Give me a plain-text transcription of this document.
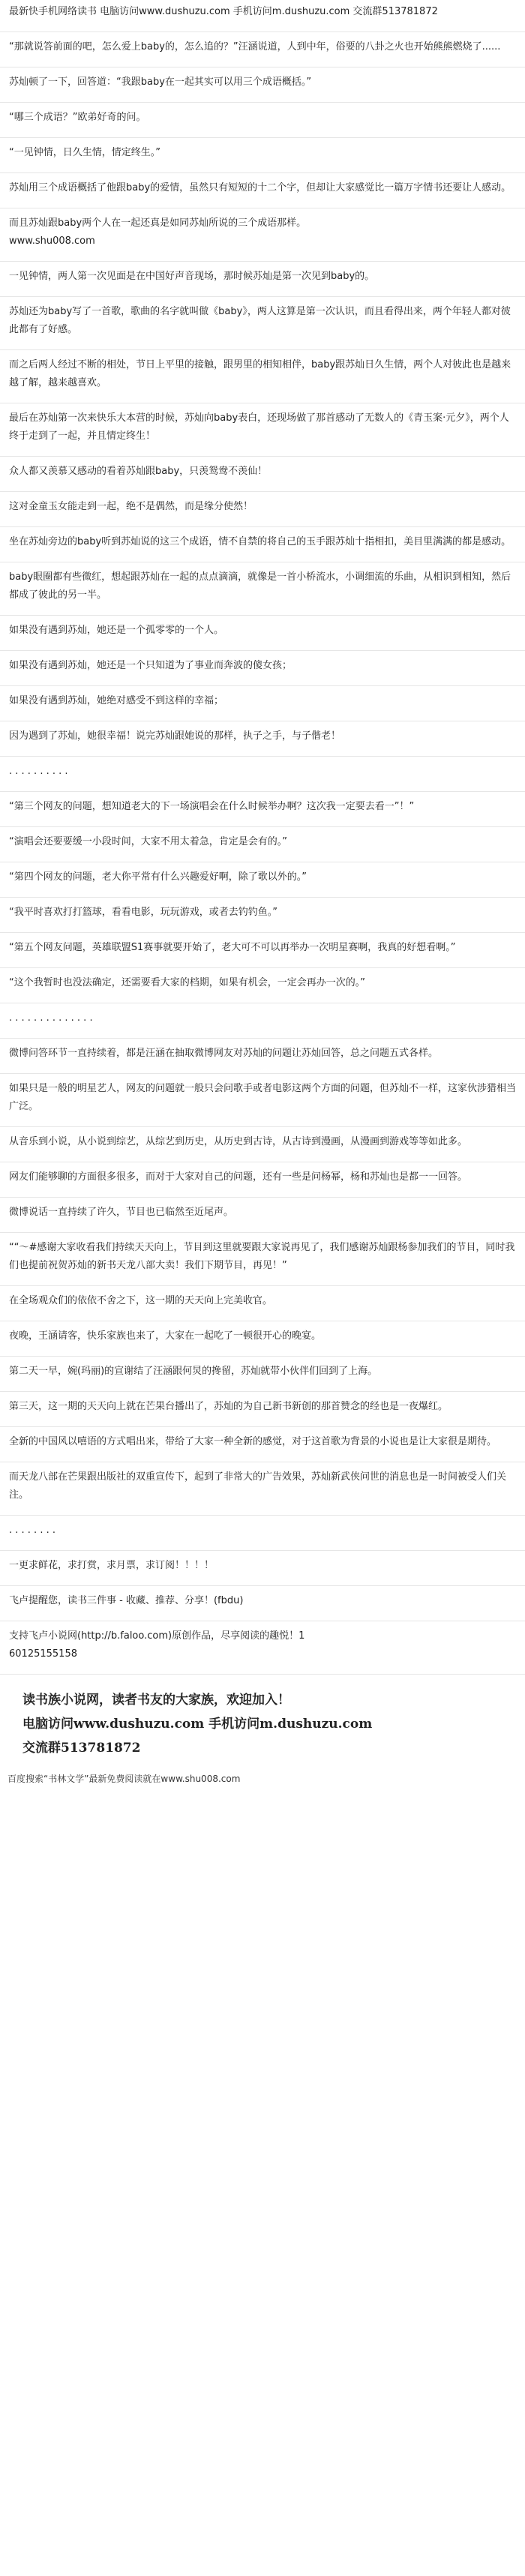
最新快手机网络读书 电脑访问www.dushuzu.com 手机访问m.dushuzu.com 交流群513781872
“那就说答前面的吧，怎么爱上baby的，怎么追的？”汪涵说道，人到中年，俗要的八卦之火也开始熊熊燃烧了......
苏灿顿了一下，回答道：“我跟baby在一起其实可以用三个成语概括。”
“哪三个成语？”欧弟好奇的问。
“一见钟情，日久生情，情定终生。”
苏灿用三个成语概括了他跟baby的爱情，虽然只有短短的十二个字，但却让大家感觉比一篇万字情书还要让人感动。
而且苏灿跟baby两个人在一起还真是如同苏灿所说的三个成语那样。
www.shu008.com
一见钟情，两人第一次见面是在中国好声音现场，那时候苏灿是第一次见到baby的。
苏灿还为baby写了一首歌，歌曲的名字就叫做《baby》，两人这算是第一次认识，而且看得出来，两个年轻人都对彼此都有了好感。
而之后两人经过不断的相处，节日上平里的接触，跟男里的相知相伴，baby跟苏灿日久生情，两个人对彼此也是越来越了解，越来越喜欢。
最后在苏灿第一次来快乐大本营的时候，苏灿向baby表白，还现场做了那首感动了无数人的《青玉案·元夕》，两个人终于走到了一起，并且情定终生！
众人都又羡慕又感动的看着苏灿跟baby，只羡鸳鸯不羡仙！
这对金童玉女能走到一起，绝不是偶然，而是缘分使然！
坐在苏灿旁边的baby听到苏灿说的这三个成语，情不自禁的将自己的玉手跟苏灿十指相扣，美目里满满的都是感动。
baby眼圈都有些微红，想起跟苏灿在一起的点点滴滴，就像是一首小桥流水，小调细流的乐曲，从相识到相知，然后都成了彼此的另一半。
如果没有遇到苏灿，她还是一个孤零零的一个人。
如果没有遇到苏灿，她还是一个只知道为了事业而奔波的傻女孩；
如果没有遇到苏灿，她绝对感受不到这样的幸福；
因为遇到了苏灿，她很幸福！说完苏灿跟她说的那样，执子之手，与子偕老！
. . . . . . . . . .
“第三个网友的问题，想知道老大的下一场演唱会在什么时候举办啊？这次我一定要去看一”！”
“演唱会还要要缓一小段时间，大家不用太着急，肯定是会有的。”
“第四个网友的问题，老大你平常有什么兴趣爱好啊，除了歌以外的。”
“我平时喜欢打打篮球，看看电影，玩玩游戏，或者去钓钓鱼。”
“第五个网友问题，英雄联盟S1赛事就要开始了，老大可不可以再举办一次明星赛啊，我真的好想看啊。”
“这个我暂时也没法确定，还需要看大家的档期，如果有机会，一定会再办一次的。”
. . . . . . . . . . . . . .
微博问答环节一直持续着，都是汪涵在抽取微博网友对苏灿的问题让苏灿回答，总之问题五式各样。
如果只是一般的明星艺人，网友的问题就一般只会问歌手或者电影这两个方面的问题，但苏灿不一样，这家伙涉猎相当广泛。
从音乐到小说，从小说到综艺，从综艺到历史，从历史到古诗，从古诗到漫画，从漫画到游戏等等如此多。
网友们能够聊的方面很多很多，而对于大家对自己的问题，还有一些是问杨幂，杨和苏灿也是都一一回答。
微博说话一直持续了许久，节目也已临然至近尾声。
““～#感谢大家收看我们持续天天向上，节目到这里就要跟大家说再见了，我们感谢苏灿跟杨参加我们的节目，同时我们也提前祝贺苏灿的新书天龙八部大卖！我们下期节目，再见！”
在全场观众们的依依不舍之下，这一期的天天向上完美收官。
夜晚，王涵请客，快乐家族也来了，大家在一起吃了一顿很开心的晚宴。
第二天一早，婉(玛丽)的宣谢结了汪涵跟何炅的搀留，苏灿就带小伙伴们回到了上海。
第三天，这一期的天天向上就在芒果台播出了，苏灿的为自己新书新创的那首赞念的经也是一夜爆红。
全新的中国风以嘻语的方式唱出来，带给了大家一种全新的感觉，对于这首歌为背景的小说也是让大家很是期待。
而天龙八部在芒果跟出版社的双重宣传下，起到了非常大的广告效果，苏灿新武侠问世的消息也是一时间被受人们关注。
. . . . . . . .
一更求鲜花，求打赏，求月票，求订阅！！！！
飞卢提醒您，读书三件事 - 收藏、推荐、分享！(fbdu)
支持飞卢小说网(http://b.faloo.com)原创作品，尽享阅读的趣悦！1
60125155158
读书族小说网，读者书友的大家族，欢迎加入！
电脑访问www.dushuzu.com 手机访问m.dushuzu.com
交流群513781872
百度搜索“书林文学”最新免费阅读就在www.shu008.com
